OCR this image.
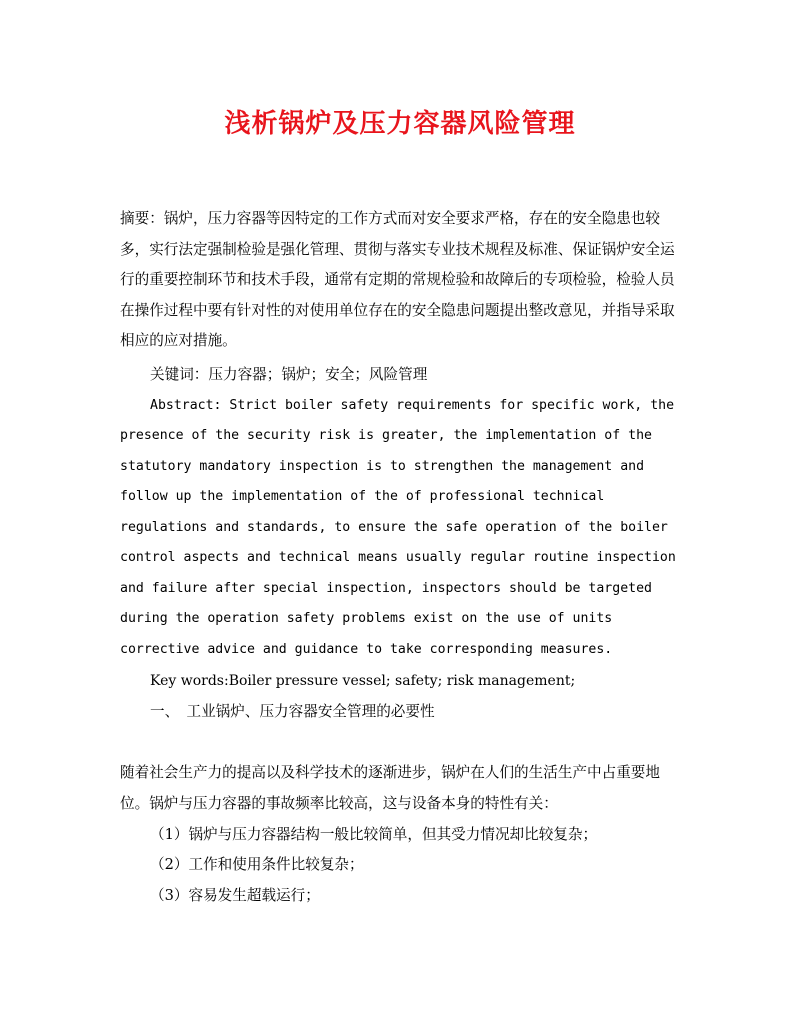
浅析锅炉及压力容器风险管理

摘要：锅炉，压力容器等因特定的工作方式而对安全要求严格，存在的安全隐患也较多，实行法定强制检验是强化管理、贯彻与落实专业技术规程及标准、保证锅炉安全运行的重要控制环节和技术手段，通常有定期的常规检验和故障后的专项检验，检验人员在操作过程中要有针对性的对使用单位存在的安全隐患问题提出整改意见，并指导采取相应的应对措施。

关键词：压力容器；锅炉；安全；风险管理
Abstract: Strict boiler safety requirements for specific work, the
presence of the security risk is greater, the implementation of the
statutory mandatory inspection is to strengthen the management and
follow up the implementation of the of professional technical
regulations and standards, to ensure the safe operation of the boiler
control aspects and technical means usually regular routine inspection
and failure after special inspection, inspectors should be targeted
during the operation safety problems exist on the use of units
corrective advice and guidance to take corresponding measures.
Key words:Boiler pressure vessel; safety; risk management;
一、　工业锅炉、压力容器安全管理的必要性

随着社会生产力的提高以及科学技术的逐渐进步，锅炉在人们的生活生产中占重要地位。锅炉与压力容器的事故频率比较高，这与设备本身的特性有关：

（1）锅炉与压力容器结构一般比较简单，但其受力情况却比较复杂；
（2）工作和使用条件比较复杂；
（3）容易发生超载运行；
